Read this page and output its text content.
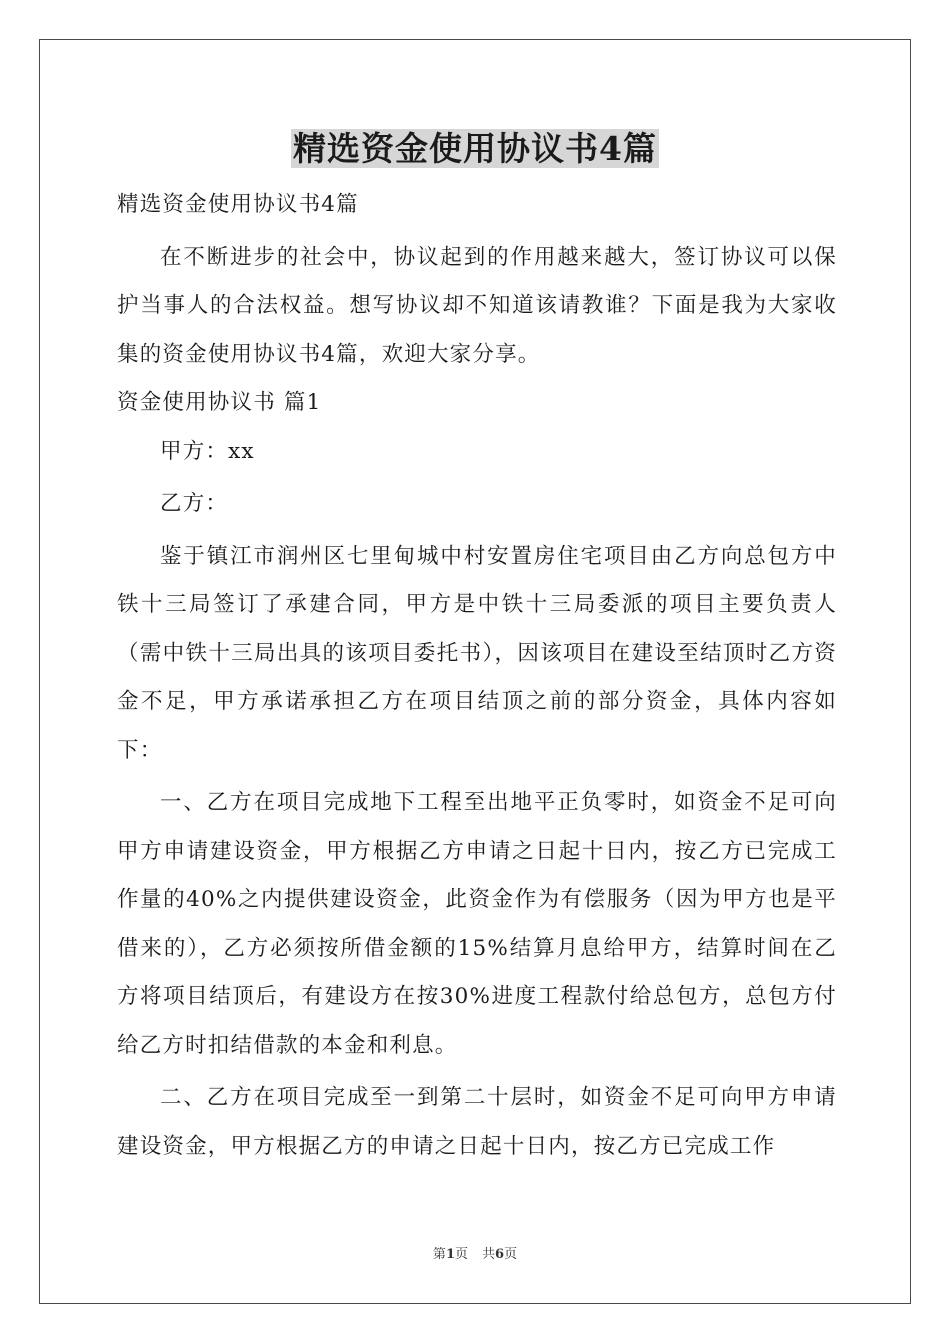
精选资金使用协议书4篇

精选资金使用协议书4篇

在不断进步的社会中，协议起到的作用越来越大，签订协议可以保护当事人的合法权益。想写协议却不知道该请教谁？下面是我为大家收集的资金使用协议书4篇，欢迎大家分享。

资金使用协议书 篇1

甲方：xx

乙方：

鉴于镇江市润州区七里甸城中村安置房住宅项目由乙方向总包方中铁十三局签订了承建合同，甲方是中铁十三局委派的项目主要负责人（需中铁十三局出具的该项目委托书），因该项目在建设至结顶时乙方资金不足，甲方承诺承担乙方在项目结顶之前的部分资金，具体内容如下：

一、乙方在项目完成地下工程至出地平正负零时，如资金不足可向甲方申请建设资金，甲方根据乙方申请之日起十日内，按乙方已完成工作量的40%之内提供建设资金，此资金作为有偿服务（因为甲方也是平借来的），乙方必须按所借金额的15%结算月息给甲方，结算时间在乙方将项目结顶后，有建设方在按30%进度工程款付给总包方，总包方付给乙方时扣结借款的本金和利息。

二、乙方在项目完成至一到第二十层时，如资金不足可向甲方申请建设资金，甲方根据乙方的申请之日起十日内，按乙方已完成工作

第1页 共6页
